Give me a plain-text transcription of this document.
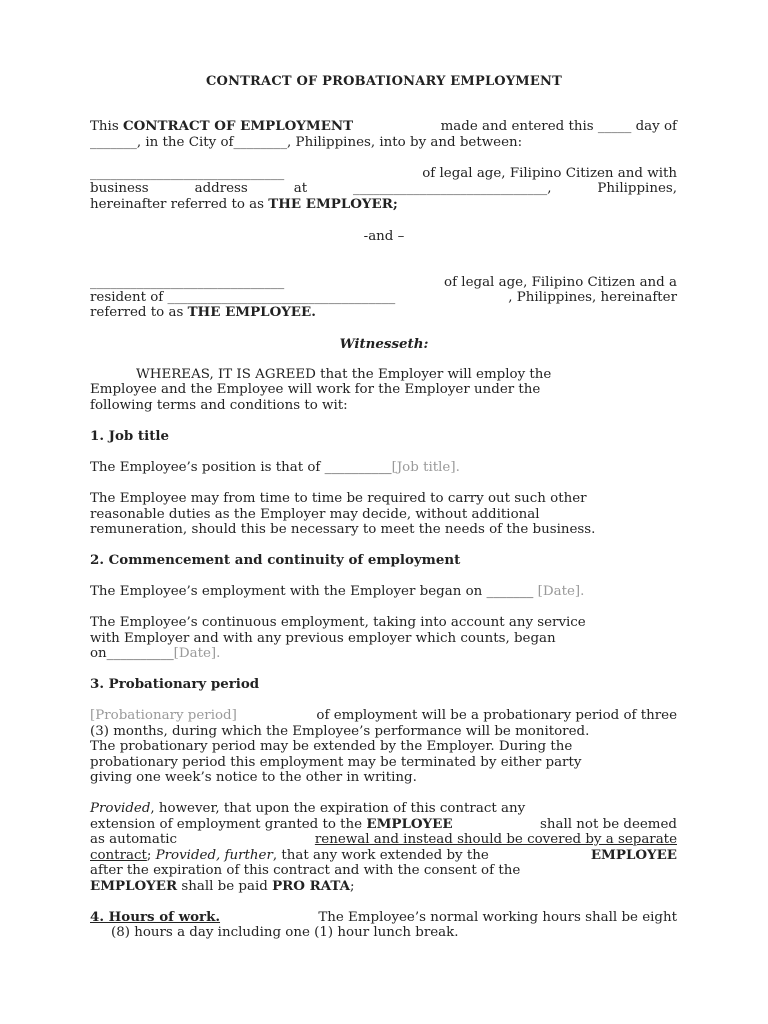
CONTRACT OF PROBATIONARY EMPLOYMENT
This CONTRACT OF EMPLOYMENT	made and entered this _____ day of
_______, in the City of________, Philippines, into by and between:
_____________________________	of legal age, Filipino Citizen and with
business	address	at	_____________________________,	Philippines,
hereinafter referred to as THE EMPLOYER;
-and –
_____________________________	of legal age, Filipino Citizen and a
resident of __________________________________	, Philippines, hereinafter
referred to as THE EMPLOYEE.
Witnesseth:
WHEREAS, IT IS AGREED that the Employer will employ the
Employee and the Employee will work for the Employer under the
following terms and conditions to wit:
1. Job title
The Employee’s position is that of __________[Job title].
The Employee may from time to time be required to carry out such other
reasonable duties as the Employer may decide, without additional
remuneration, should this be necessary to meet the needs of the business.
2. Commencement and continuity of employment
The Employee’s employment with the Employer began on _______ [Date].
The Employee’s continuous employment, taking into account any service
with Employer and with any previous employer which counts, began
on__________[Date].
3. Probationary period
[Probationary period]	of employment will be a probationary period of three
(3) months, during which the Employee’s performance will be monitored.
The probationary period may be extended by the Employer. During the
probationary period this employment may be terminated by either party
giving one week’s notice to the other in writing.
Provided, however, that upon the expiration of this contract any
extension of employment granted to the EMPLOYEE	shall not be deemed
as automatic	renewal and instead should be covered by a separate
contract; Provided, further, that any work extended by the	EMPLOYEE
after the expiration of this contract and with the consent of the
EMPLOYER shall be paid PRO RATA;
4. Hours of work.	The Employee’s normal working hours shall be eight
(8) hours a day including one (1) hour lunch break.
